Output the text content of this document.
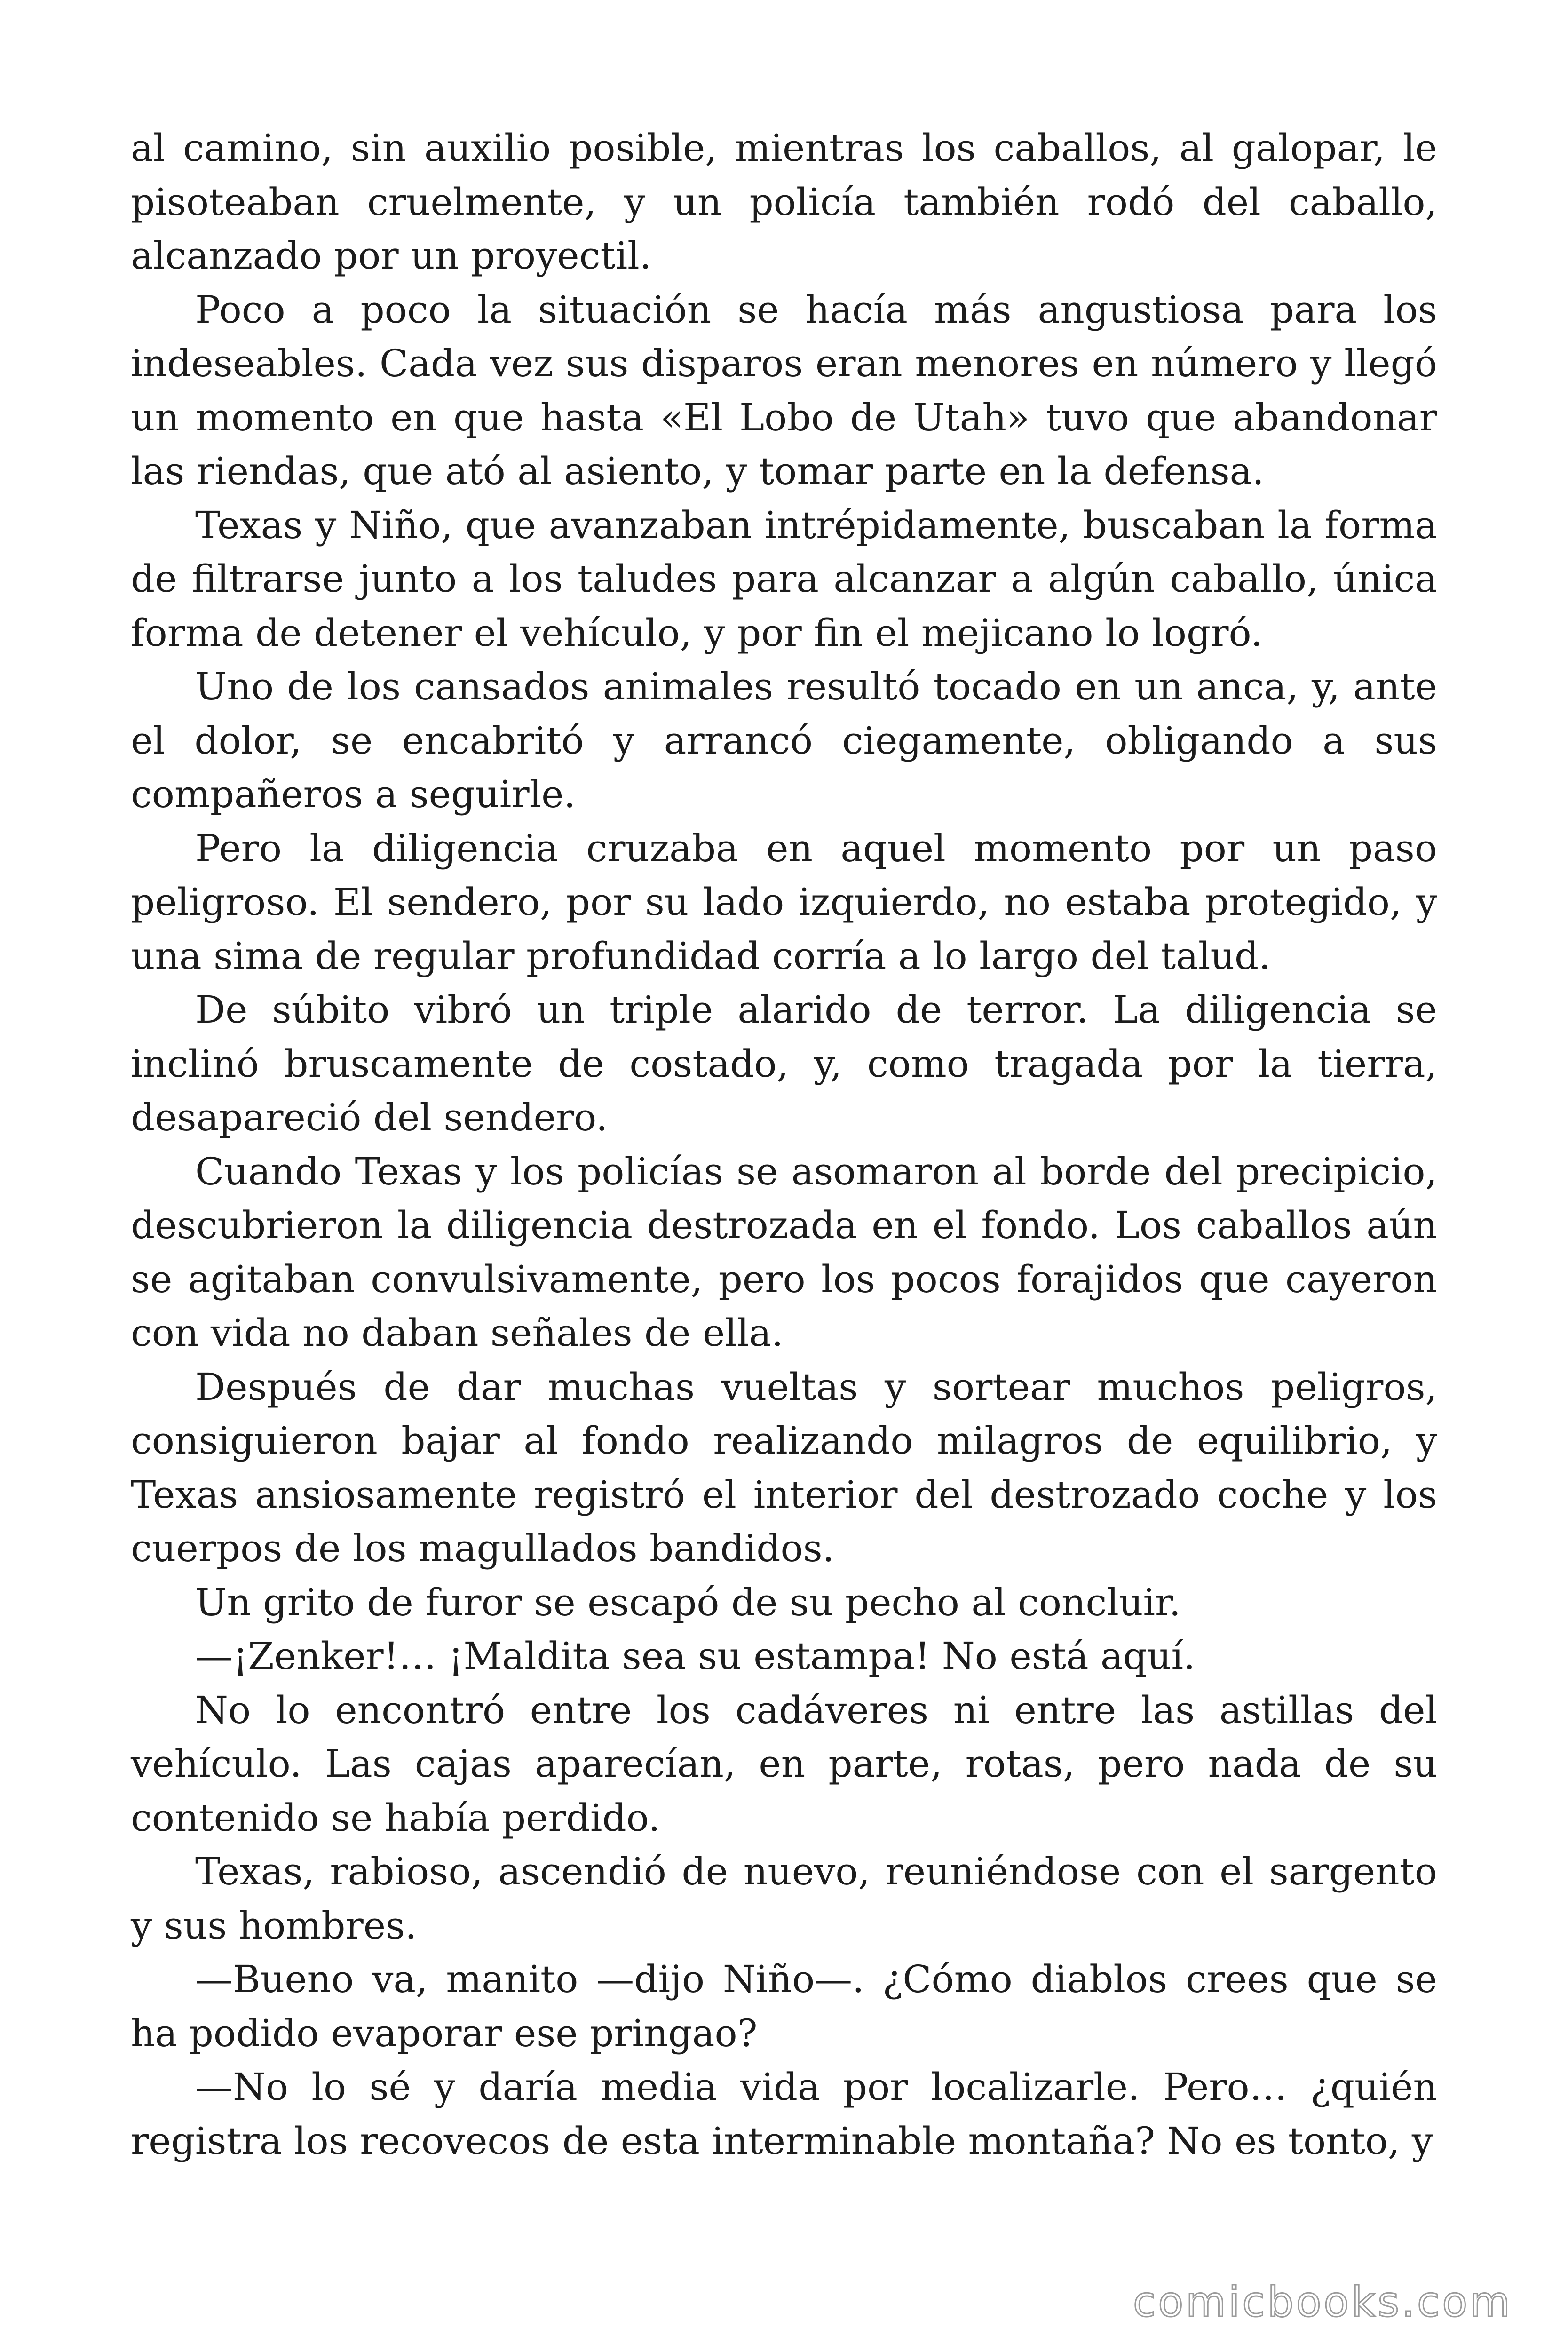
al camino, sin auxilio posible, mientras los caballos, al galopar, le pisoteaban cruelmente, y un policía también rodó del caballo, alcanzado por un proyectil.

Poco a poco la situación se hacía más angustiosa para los indeseables. Cada vez sus disparos eran menores en número y llegó un momento en que hasta «El Lobo de Utah» tuvo que abandonar las riendas, que ató al asiento, y tomar parte en la defensa.

Texas y Niño, que avanzaban intrépidamente, buscaban la forma de filtrarse junto a los taludes para alcanzar a algún caballo, única forma de detener el vehículo, y por fin el mejicano lo logró.

Uno de los cansados animales resultó tocado en un anca, y, ante el dolor, se encabritó y arrancó ciegamente, obligando a sus compañeros a seguirle.

Pero la diligencia cruzaba en aquel momento por un paso peligroso. El sendero, por su lado izquierdo, no estaba protegido, y una sima de regular profundidad corría a lo largo del talud.

De súbito vibró un triple alarido de terror. La diligencia se inclinó bruscamente de costado, y, como tragada por la tierra, desapareció del sendero.

Cuando Texas y los policías se asomaron al borde del precipicio, descubrieron la diligencia destrozada en el fondo. Los caballos aún se agitaban convulsivamente, pero los pocos forajidos que cayeron con vida no daban señales de ella.

Después de dar muchas vueltas y sortear muchos peligros, consiguieron bajar al fondo realizando milagros de equilibrio, y Texas ansiosamente registró el interior del destrozado coche y los cuerpos de los magullados bandidos.

Un grito de furor se escapó de su pecho al concluir.

—¡Zenker!… ¡Maldita sea su estampa! No está aquí.

No lo encontró entre los cadáveres ni entre las astillas del vehículo. Las cajas aparecían, en parte, rotas, pero nada de su contenido se había perdido.

Texas, rabioso, ascendió de nuevo, reuniéndose con el sargento y sus hombres.

—Bueno va, manito —dijo Niño—. ¿Cómo diablos crees que se ha podido evaporar ese pringao?

—No lo sé y daría media vida por localizarle. Pero… ¿quién registra los recovecos de esta interminable montaña? No es tonto, y

comicbooks.com
